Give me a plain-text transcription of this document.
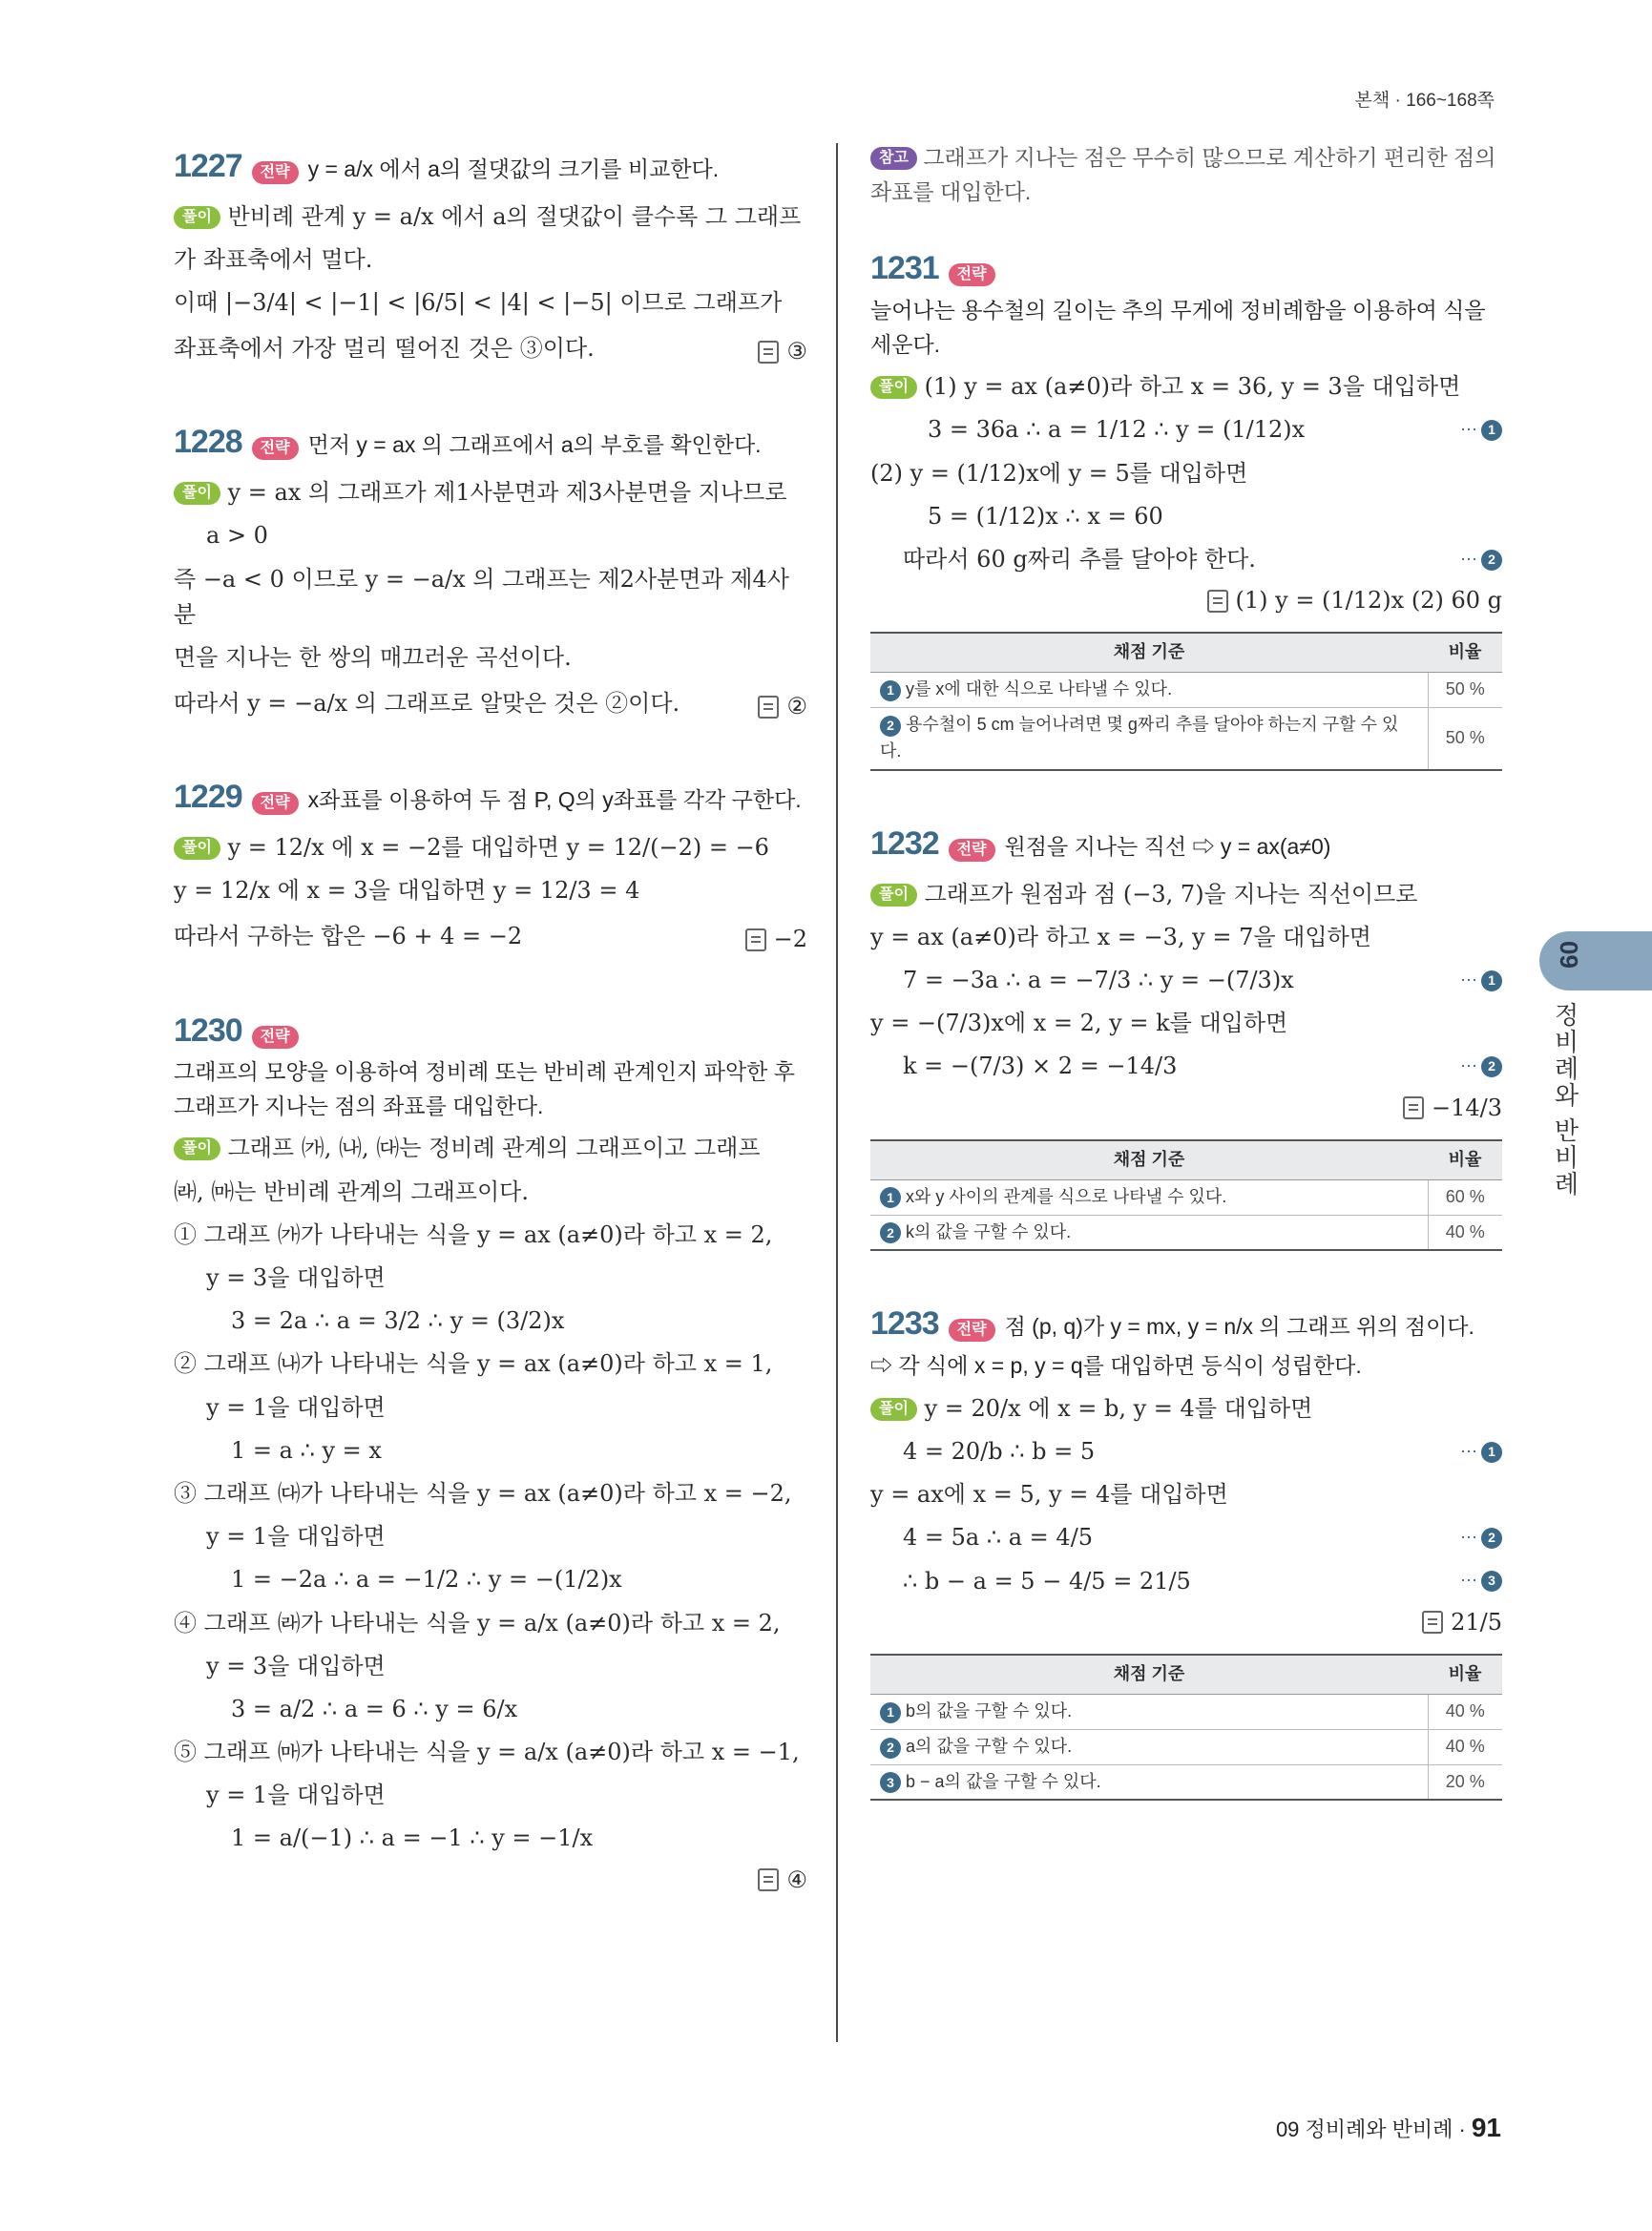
본책 · 166~168쪽
1227	전략 y = a/x 에서 a의 절댓값의 크기를 비교한다.
풀이 반비례 관계 y = a/x 에서 a의 절댓값이 클수록 그 그래프
가 좌표축에서 멀다.
이때 |−3/4| < |−1| < |6/5| < |4| < |−5| 이므로 그래프가
좌표축에서 가장 멀리 떨어진 것은 ③이다.	③
1228	전략 먼저 y = ax 의 그래프에서 a의 부호를 확인한다.
풀이 y = ax 의 그래프가 제1사분면과 제3사분면을 지나므로
a > 0
즉 −a < 0 이므로 y = −a/x 의 그래프는 제2사분면과 제4사분
면을 지나는 한 쌍의 매끄러운 곡선이다.
따라서 y = −a/x 의 그래프로 알맞은 것은 ②이다.	②
1229	전략 x좌표를 이용하여 두 점 P, Q의 y좌표를 각각 구한다.
풀이 y = 12/x 에 x = −2를 대입하면 y = 12/(−2) = −6
y = 12/x 에 x = 3을 대입하면 y = 12/3 = 4
따라서 구하는 합은 −6 + 4 = −2	−2
1230	전략
그래프의 모양을 이용하여 정비례 또는 반비례 관계인지 파악한 후 그래프가 지나는 점의 좌표를 대입한다.
풀이 그래프 ㈎, ㈏, ㈐는 정비례 관계의 그래프이고 그래프
㈑, ㈒는 반비례 관계의 그래프이다.
① 그래프 ㈎가 나타내는 식을 y = ax (a≠0)라 하고 x = 2,
y = 3을 대입하면
3 = 2a ∴ a = 3/2 ∴ y = (3/2)x
② 그래프 ㈏가 나타내는 식을 y = ax (a≠0)라 하고 x = 1,
y = 1을 대입하면
1 = a ∴ y = x
③ 그래프 ㈐가 나타내는 식을 y = ax (a≠0)라 하고 x = −2,
y = 1을 대입하면
1 = −2a ∴ a = −1/2 ∴ y = −(1/2)x
④ 그래프 ㈑가 나타내는 식을 y = a/x (a≠0)라 하고 x = 2,
y = 3을 대입하면
3 = a/2 ∴ a = 6 ∴ y = 6/x
⑤ 그래프 ㈒가 나타내는 식을 y = a/x (a≠0)라 하고 x = −1,
y = 1을 대입하면
1 = a/(−1) ∴ a = −1 ∴ y = −1/x
④
참고 그래프가 지나는 점은 무수히 많으므로 계산하기 편리한 점의 좌표를 대입한다.
1231	전략
늘어나는 용수철의 길이는 추의 무게에 정비례함을 이용하여 식을 세운다.
풀이 (1) y = ax (a≠0)라 하고 x = 36, y = 3을 대입하면
3 = 36a ∴ a = 1/12 ∴ y = (1/12)x	⋯ 1
(2) y = (1/12)x에 y = 5를 대입하면
5 = (1/12)x ∴ x = 60
따라서 60 g짜리 추를 달아야 한다.	⋯ 2
(1) y = (1/12)x (2) 60 g
채점 기준	비율
1 y를 x에 대한 식으로 나타낼 수 있다.	50 %
2 용수철이 5 cm 늘어나려면 몇 g짜리 추를 달아야 하는지 구할 수 있다.	50 %
1232	전략 원점을 지나는 직선 ⇨ y = ax(a≠0)
풀이 그래프가 원점과 점 (−3, 7)을 지나는 직선이므로
y = ax (a≠0)라 하고 x = −3, y = 7을 대입하면
7 = −3a ∴ a = −7/3 ∴ y = −(7/3)x	⋯ 1
y = −(7/3)x에 x = 2, y = k를 대입하면
k = −(7/3) × 2 = −14/3	⋯ 2
−14/3
채점 기준	비율
1 x와 y 사이의 관계를 식으로 나타낼 수 있다.	60 %
2 k의 값을 구할 수 있다.	40 %
1233	전략 점 (p, q)가 y = mx, y = n/x 의 그래프 위의 점이다.
⇨ 각 식에 x = p, y = q를 대입하면 등식이 성립한다.
풀이 y = 20/x 에 x = b, y = 4를 대입하면
4 = 20/b ∴ b = 5	⋯ 1
y = ax에 x = 5, y = 4를 대입하면
4 = 5a ∴ a = 4/5	⋯ 2
∴ b − a = 5 − 4/5 = 21/5	⋯ 3
21/5
채점 기준	비율
1 b의 값을 구할 수 있다.	40 %
2 a의 값을 구할 수 있다.	40 %
3 b − a의 값을 구할 수 있다.	20 %
09
정비례와 반비례
09 정비례와 반비례 · 91
